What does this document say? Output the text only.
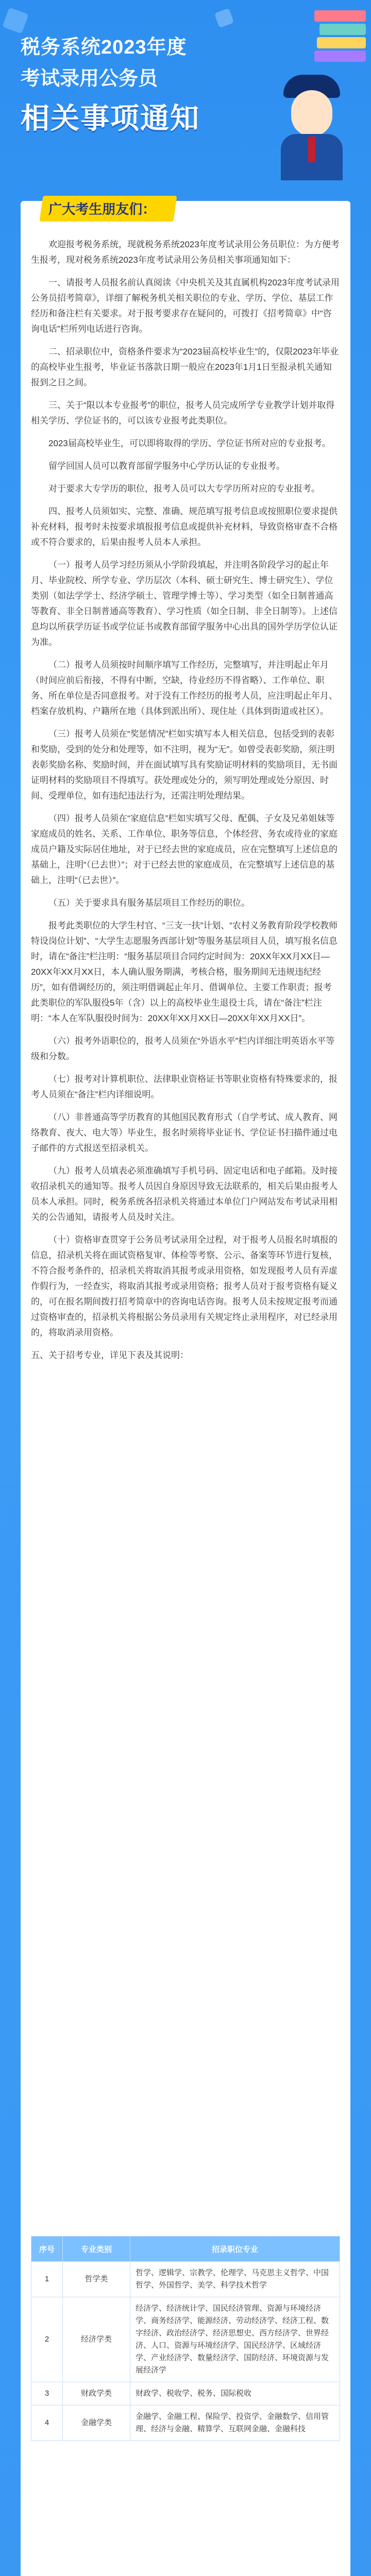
税务系统2023年度
考试录用公务员
相关事项通知
广大考生朋友们：

欢迎报考税务系统，现就税务系统2023年度考试录用公务员职位：为方便考生报考，现对税务系统2023年度考试录用公务员相关事项通知如下：

一、请报考人员报名前认真阅读《中央机关及其直属机构2023年度考试录用公务员招考简章》，详细了解税务机关相关职位的专业、学历、学位、基层工作经历和备注栏有关要求。对于报考要求存在疑问的，可拨打《招考简章》中“咨询电话”栏所列电话进行咨询。

二、招录职位中，资格条件要求为“2023届高校毕业生”的，仅限2023年毕业的高校毕业生报考，毕业证书落款日期一般应在2023年1月1日至报录机关通知报到之日之间。

三、关于“限以本专业报考”的职位，报考人员完成所学专业教学计划并取得相关学历、学位证书的，可以该专业报考此类职位。

2023届高校毕业生，可以即将取得的学历、学位证书所对应的专业报考。

留学回国人员可以教育部留学服务中心学历认证的专业报考。

对于要求大专学历的职位，报考人员可以大专学历所对应的专业报考。

四、报考人员须如实、完整、准确、规范填写报考信息或按照职位要求提供补充材料，报考时未按要求填报报考信息或提供补充材料，导致资格审查不合格或不符合要求的，后果由报考人员本人承担。

（一）报考人员学习经历须从小学阶段填起，并注明各阶段学习的起止年月、毕业院校、所学专业、学历层次（本科、硕士研究生、博士研究生）、学位类别（如法学学士、经济学硕士、管理学博士等）、学习类型（如全日制普通高等教育、非全日制普通高等教育）、学习性质（如全日制、非全日制等）。上述信息均以所获学历证书或学位证书或教育部留学服务中心出具的国外学历学位认证为准。

（二）报考人员须按时间顺序填写工作经历，完整填写，并注明起止年月（时间应前后衔接，不得有中断，空缺，待业经历不得省略）、工作单位、职务、所在单位是否同意报考。对于没有工作经历的报考人员，应注明起止年月、档案存放机构、户籍所在地（具体到派出所）、现住址（具体到街道或社区）。

（三）报考人员须在“奖惩情况”栏如实填写本人相关信息，包括受到的表彰和奖励，受到的处分和处理等，如不注明，视为“无”。如曾受表彰奖励，须注明表彰奖励名称、奖励时间，并在面试填写具有奖励证明材料的奖励项目，无书面证明材料的奖励项目不得填写。获处理或处分的，须写明处理或处分原因、时间、受理单位，如有违纪违法行为，还需注明处理结果。

（四）报考人员须在“家庭信息”栏如实填写父母、配偶、子女及兄弟姐妹等家庭成员的姓名、关系、工作单位、职务等信息，个体经营、务农或待业的家庭成员户籍及实际居住地址，对于已经去世的家庭成员，应在完整填写上述信息的基础上，注明“（已去世）”；对于已经去世的家庭成员，在完整填写上述信息的基础上，注明“（已去世）”。

（五）关于要求具有服务基层项目工作经历的职位。

报考此类职位的大学生村官、“三支一扶”计划、“农村义务教育阶段学校教师特设岗位计划”、“大学生志愿服务西部计划”等服务基层项目人员，填写报名信息时，请在“备注”栏注明：“服务基层项目合同约定时间为：20XX年XX月XX日—20XX年XX月XX日，本人确认服务期满，考核合格，服务期间无违规违纪经历”，如有借调经历的，须注明借调起止年月、借调单位、主要工作职责；报考此类职位的军队服役5年（含）以上的高校毕业生退役士兵，请在“备注”栏注明：“本人在军队服役时间为：20XX年XX月XX日—20XX年XX月XX日”。

（六）报考外语职位的，报考人员须在“外语水平”栏内详细注明英语水平等级和分数。

（七）报考对计算机职位、法律职业资格证书等职业资格有特殊要求的，报考人员须在“备注”栏内详细说明。

（八）非普通高等学历教育的其他国民教育形式（自学考试、成人教育、网络教育、夜大、电大等）毕业生，报名时须将毕业证书、学位证书扫描件通过电子邮件的方式报送至招录机关。

（九）报考人员填表必须准确填写手机号码、固定电话和电子邮箱。及时接收招录机关的通知等。报考人员因自身原因导致无法联系的，相关后果由报考人员本人承担。同时，税务系统各招录机关将通过本单位门户网站发布考试录用相关的公告通知，请报考人员及时关注。

（十）资格审查贯穿于公务员考试录用全过程，对于报考人员报名时填报的信息，招录机关将在面试资格复审、体检等考察、公示、备案等环节进行复核，不符合报考条件的，招录机关将取消其报考或录用资格，如发现报考人员有弄虚作假行为，一经查实，将取消其报考或录用资格；报考人员对于报考资格有疑义的，可在报名期间拨打招考简章中的咨询电话咨询。报考人员未按规定报考而通过资格审查的，招录机关将根据公务员录用有关规定终止录用程序，对已经录用的，将取消录用资格。

五、关于招考专业，详见下表及其说明：

序号	专业类别	招录职位专业
1	哲学类	哲学、逻辑学、宗教学、伦理学、马克思主义哲学、中国哲学、外国哲学、美学、科学技术哲学
2	经济学类	经济学、经济统计学、国民经济管理、资源与环境经济学、商务经济学、能源经济、劳动经济学、经济工程、数字经济、政治经济学、经济思想史、西方经济学、世界经济、人口、资源与环境经济学、国民经济学、区域经济学、产业经济学、数量经济学、国防经济、环境资源与发展经济学
3	财政学类	财政学、税收学、税务、国际税收
4	金融学类	金融学、金融工程、保险学、投资学、金融数学、信用管理、经济与金融、精算学、互联网金融、金融科技
